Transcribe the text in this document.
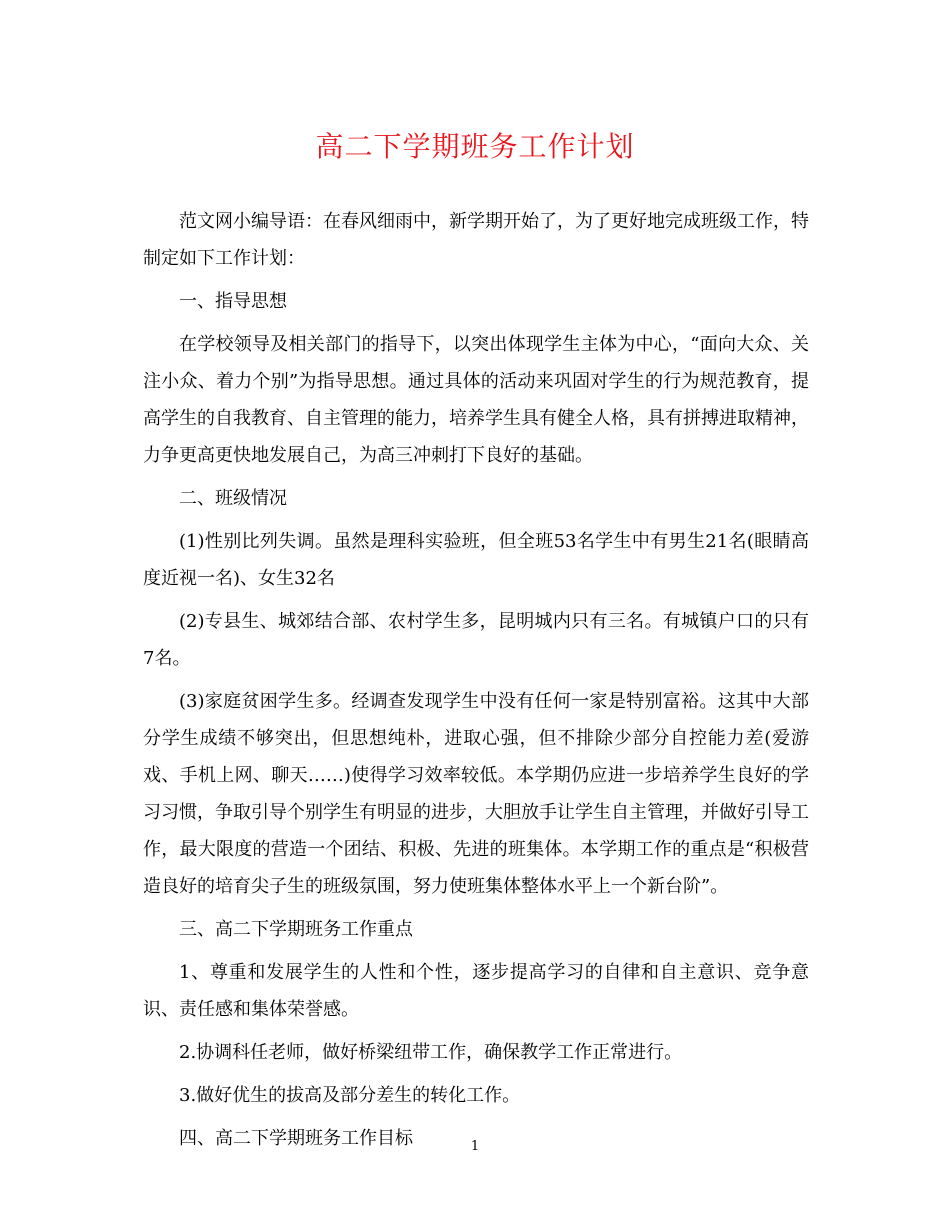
高二下学期班务工作计划

范文网小编导语：在春风细雨中，新学期开始了，为了更好地完成班级工作，特制定如下工作计划：

一、指导思想

在学校领导及相关部门的指导下，以突出体现学生主体为中心，“面向大众、关注小众、着力个别”为指导思想。通过具体的活动来巩固对学生的行为规范教育，提高学生的自我教育、自主管理的能力，培养学生具有健全人格，具有拼搏进取精神，力争更高更快地发展自己，为高三冲刺打下良好的基础。

二、班级情况

(1)性别比列失调。虽然是理科实验班，但全班53名学生中有男生21名(眼睛高度近视一名)、女生32名

(2)专县生、城郊结合部、农村学生多，昆明城内只有三名。有城镇户口的只有7名。

(3)家庭贫困学生多。经调查发现学生中没有任何一家是特别富裕。这其中大部分学生成绩不够突出，但思想纯朴，进取心强，但不排除少部分自控能力差(爱游戏、手机上网、聊天……)使得学习效率较低。本学期仍应进一步培养学生良好的学习习惯，争取引导个别学生有明显的进步，大胆放手让学生自主管理，并做好引导工作，最大限度的营造一个团结、积极、先进的班集体。本学期工作的重点是“积极营造良好的培育尖子生的班级氛围，努力使班集体整体水平上一个新台阶”。

三、高二下学期班务工作重点

1、尊重和发展学生的人性和个性，逐步提高学习的自律和自主意识、竞争意识、责任感和集体荣誉感。

2.协调科任老师，做好桥梁纽带工作，确保教学工作正常进行。

3.做好优生的拔高及部分差生的转化工作。

四、高二下学期班务工作目标	1
